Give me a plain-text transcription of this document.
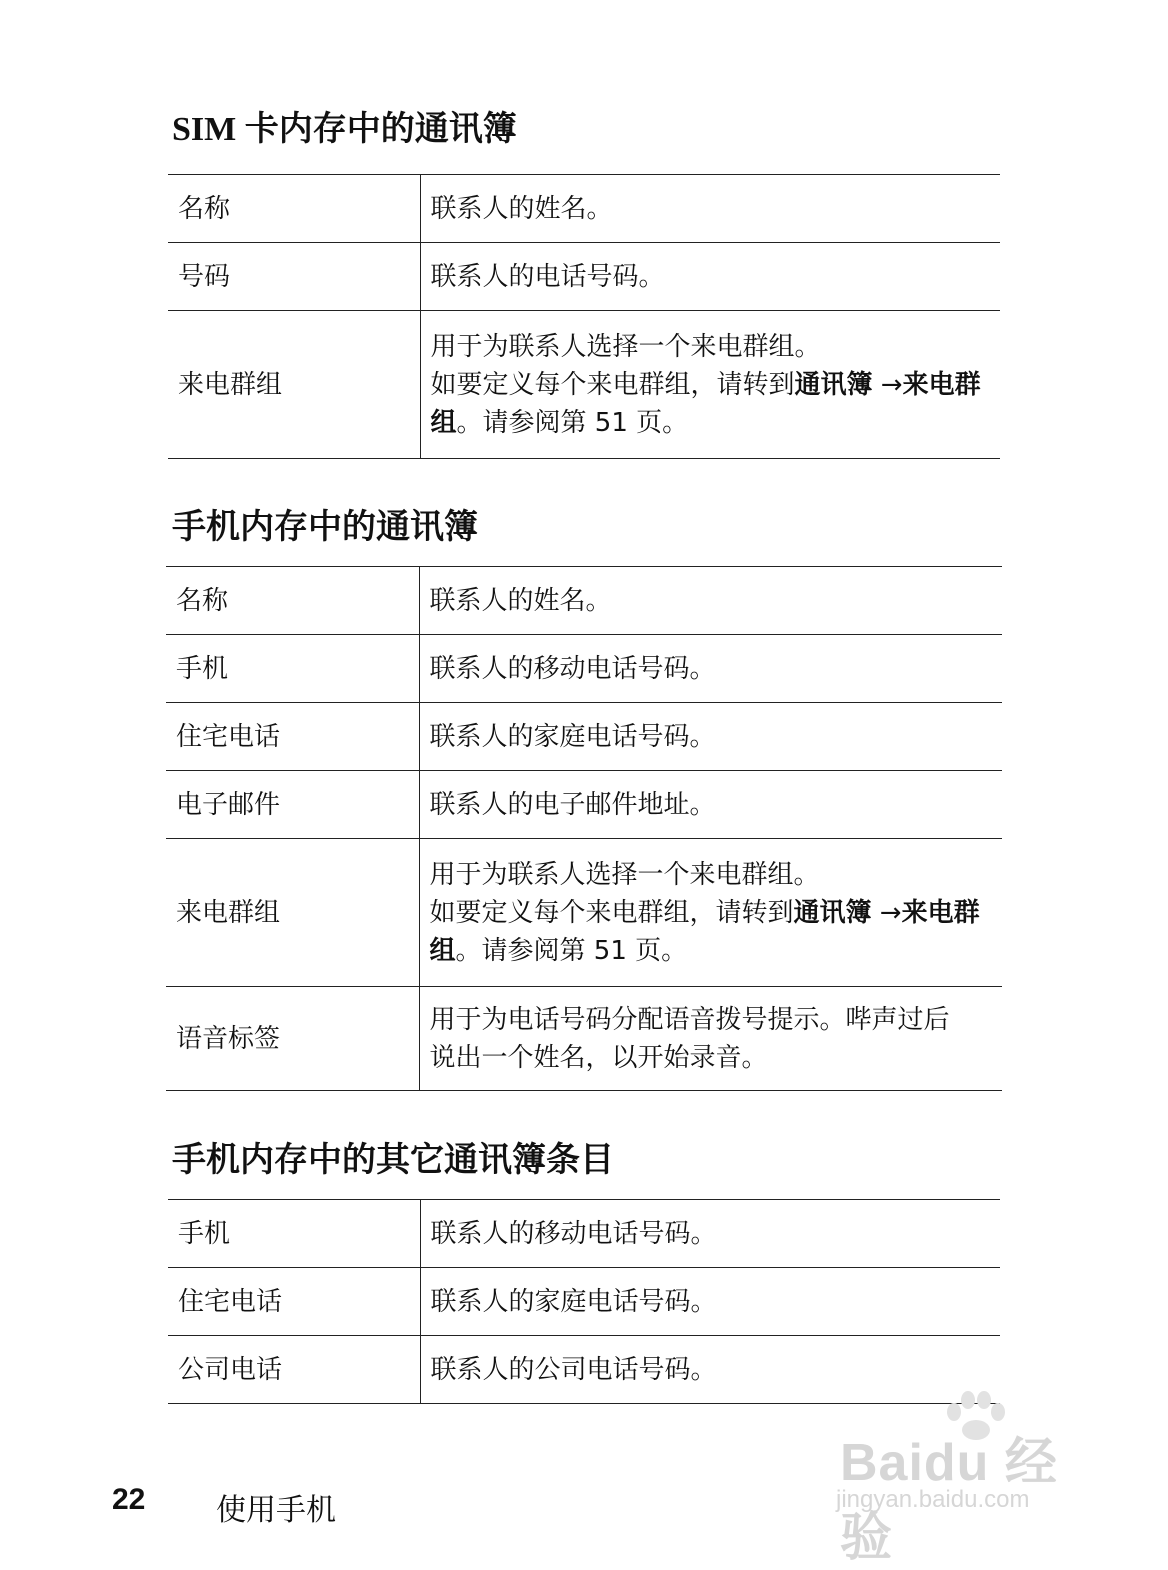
SIM 卡内存中的通讯簿
名称	联系人的姓名。
号码	联系人的电话号码。
来电群组	用于为联系人选择一个来电群组。
如要定义每个来电群组，请转到通讯簿 →来电群组。请参阅第 51 页。
手机内存中的通讯簿
名称	联系人的姓名。
手机	联系人的移动电话号码。
住宅电话	联系人的家庭电话号码。
电子邮件	联系人的电子邮件地址。
来电群组	用于为联系人选择一个来电群组。
如要定义每个来电群组，请转到通讯簿 →来电群组。请参阅第 51 页。
语音标签	用于为电话号码分配语音拨号提示。哔声过后
说出一个姓名，以开始录音。
手机内存中的其它通讯簿条目
手机	联系人的移动电话号码。
住宅电话	联系人的家庭电话号码。
公司电话	联系人的公司电话号码。
22 使用手机
Baidu 经验
jingyan.baidu.com
